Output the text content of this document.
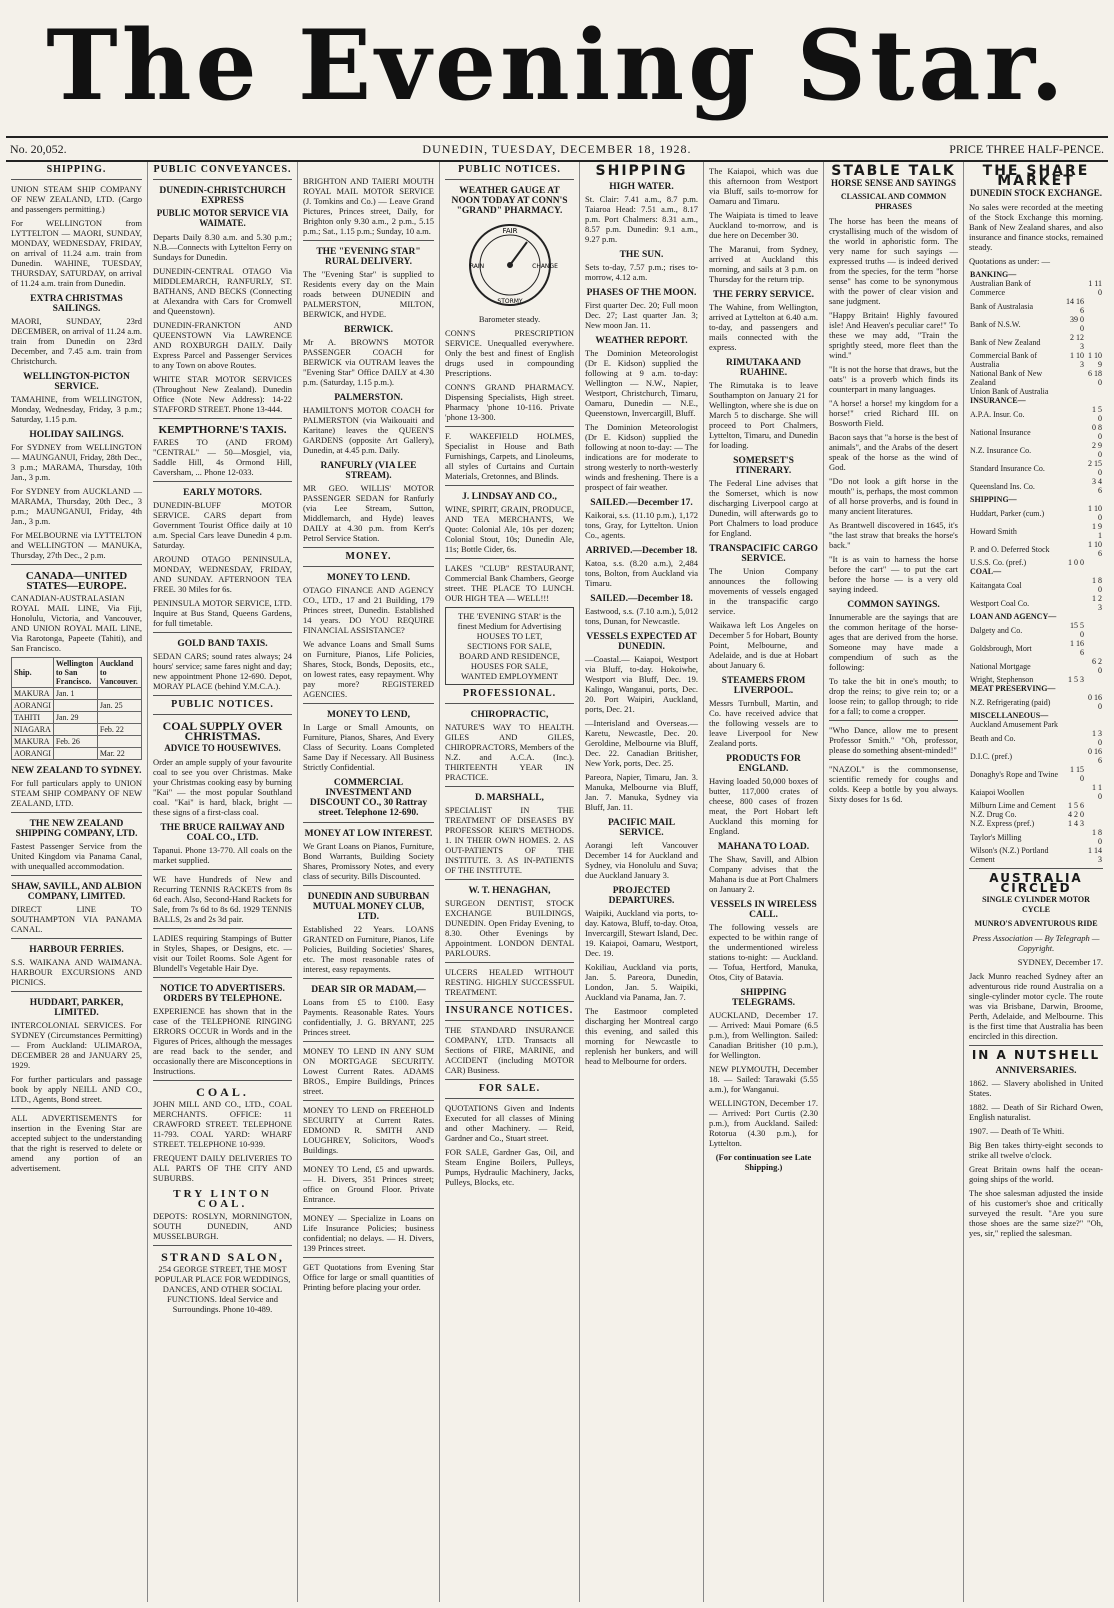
The Evening Star.
No. 20,052.	DUNEDIN, TUESDAY, DECEMBER 18, 1928.	PRICE THREE HALF-PENCE.
SHIPPING.
UNION STEAM SHIP COMPANY OF NEW ZEALAND, LTD. (Cargo and passengers permitting.)
For WELLINGTON from LYTTELTON — MAORI, SUNDAY, MONDAY, WEDNESDAY, FRIDAY, on arrival of 11.24 a.m. train from Dunedin. WAHINE, TUESDAY, THURSDAY, SATURDAY, on arrival of 11.24 a.m. train from Dunedin.
EXTRA CHRISTMAS SAILINGS.
MAORI, SUNDAY, 23rd DECEMBER, on arrival of 11.24 a.m. train from Dunedin on 23rd December, and 7.45 a.m. train from Christchurch.
WELLINGTON-PICTON SERVICE.
TAMAHINE, from WELLINGTON, Monday, Wednesday, Friday, 3 p.m.; Saturday, 1.15 p.m.
HOLIDAY SAILINGS.
For SYDNEY from WELLINGTON — MAUNGANUI, Friday, 28th Dec., 3 p.m.; MARAMA, Thursday, 10th Jan., 3 p.m.
For SYDNEY from AUCKLAND — MARAMA, Thursday, 20th Dec., 3 p.m.; MAUNGANUI, Friday, 4th Jan., 3 p.m.
For MELBOURNE via LYTTELTON and WELLINGTON — MANUKA, Thursday, 27th Dec., 2 p.m.
CANADA—UNITED STATES—EUROPE.
CANADIAN-AUSTRALASIAN ROYAL MAIL LINE, Via Fiji, Honolulu, Victoria, and Vancouver, AND UNION ROYAL MAIL LINE, Via Rarotonga, Papeete (Tahiti), and San Francisco.
Ship.	Wellington to San Francisco.	Auckland to Vancouver.
MAKURA	Jan. 1	
AORANGI		Jan. 25
TAHITI	Jan. 29	
NIAGARA		Feb. 22
MAKURA	Feb. 26	
AORANGI		Mar. 22
NEW ZEALAND TO SYDNEY.
For full particulars apply to UNION STEAM SHIP COMPANY OF NEW ZEALAND, LTD.
THE NEW ZEALAND SHIPPING COMPANY, LTD.
Fastest Passenger Service from the United Kingdom via Panama Canal, with unequalled accommodation.
SHAW, SAVILL, AND ALBION COMPANY, LIMITED.
DIRECT LINE TO SOUTHAMPTON VIA PANAMA CANAL.
HARBOUR FERRIES.
S.S. WAIKANA AND WAIMANA. HARBOUR EXCURSIONS AND PICNICS.
HUDDART, PARKER, LIMITED.
INTERCOLONIAL SERVICES. For SYDNEY (Circumstances Permitting) — From Auckland: ULIMAROA, DECEMBER 28 and JANUARY 25, 1929.
For further particulars and passage book by apply NEILL AND CO., LTD., Agents, Bond street.
ALL ADVERTISEMENTS for insertion in the Evening Star are accepted subject to the understanding that the right is reserved to delete or amend any portion of an advertisement.
PUBLIC CONVEYANCES.
DUNEDIN-CHRISTCHURCH EXPRESS
PUBLIC MOTOR SERVICE VIA WAIMATE.
Departs Daily 8.30 a.m. and 5.30 p.m.; N.B.—Connects with Lyttelton Ferry on Sundays for Dunedin.
DUNEDIN-CENTRAL OTAGO Via MIDDLEMARCH, RANFURLY, ST. BATHANS, AND BECKS (Connecting at Alexandra with Cars for Cromwell and Queenstown).
DUNEDIN-FRANKTON AND QUEENSTOWN Via LAWRENCE AND ROXBURGH DAILY. Daily Express Parcel and Passenger Services to any Town on above Routes.
WHITE STAR MOTOR SERVICES (Throughout New Zealand). Dunedin Office (Note New Address): 14-22 STAFFORD STREET. Phone 13-444.
KEMPTHORNE'S TAXIS.
FARES TO (AND FROM) "CENTRAL" — 50—Mosgiel, via, Saddle Hill, 4s Ormond Hill, Caversham, ... Phone 12-033.
EARLY MOTORS.
DUNEDIN-BLUFF MOTOR SERVICE. CARS depart from Government Tourist Office daily at 10 a.m. Special Cars leave Dunedin 4 p.m. Saturday.
AROUND OTAGO PENINSULA, MONDAY, WEDNESDAY, FRIDAY, AND SUNDAY. AFTERNOON TEA FREE. 30 Miles for 6s.
PENINSULA MOTOR SERVICE, LTD. Inquire at Bus Stand, Queens Gardens, for full timetable.
GOLD BAND TAXIS.
SEDAN CARS; sound rates always; 24 hours' service; same fares night and day; new appointment Phone 12-690. Depot, MORAY PLACE (behind Y.M.C.A.).
PUBLIC NOTICES.
COAL SUPPLY OVER CHRISTMAS.
ADVICE TO HOUSEWIVES.
Order an ample supply of your favourite coal to see you over Christmas. Make your Christmas cooking easy by burning "Kai" — the most popular Southland coal. "Kai" is hard, black, bright — these signs of a first-class coal.
THE BRUCE RAILWAY AND COAL CO., LTD.
Tapanui. Phone 13-770. All coals on the market supplied.
WE have Hundreds of New and Recurring TENNIS RACKETS from 8s 6d each. Also, Second-Hand Rackets for Sale, from 7s 6d to 8s 6d. 1929 TENNIS BALLS, 2s and 2s 3d pair.
LADIES requiring Stampings of Butter in Styles, Shapes, or Designs, etc. — visit our Toilet Rooms. Sole Agent for Blundell's Vegetable Hair Dye.
NOTICE TO ADVERTISERS. ORDERS BY TELEPHONE.
EXPERIENCE has shown that in the case of the TELEPHONE RINGING ERRORS OCCUR in Words and in the Figures of Prices, although the messages are read back to the sender, and occasionally there are Misconceptions in Instructions.
COAL.
JOHN MILL AND CO., LTD., COAL MERCHANTS. OFFICE: 11 CRAWFORD STREET. TELEPHONE 11-793. COAL YARD: WHARF STREET. TELEPHONE 10-939.
FREQUENT DAILY DELIVERIES TO ALL PARTS OF THE CITY AND SUBURBS.
TRY LINTON COAL.
DEPOTS: ROSLYN, MORNINGTON, SOUTH DUNEDIN, AND MUSSELBURGH.
STRAND SALON,
254 GEORGE STREET, THE MOST POPULAR PLACE FOR WEDDINGS, DANCES, AND OTHER SOCIAL FUNCTIONS. Ideal Service and Surroundings. Phone 10-489.
BRIGHTON AND TAIERI MOUTH ROYAL MAIL MOTOR SERVICE (J. Tomkins and Co.) — Leave Grand Pictures, Princes street, Daily, for Brighton only 9.30 a.m., 2 p.m., 5.15 p.m.; Sat., 1.15 p.m.; Sunday, 10 a.m.
THE "EVENING STAR" RURAL DELIVERY.
The "Evening Star" is supplied to Residents every day on the Main roads between DUNEDIN and PALMERSTON, MILTON, BERWICK, and HYDE.
BERWICK.
Mr A. BROWN'S MOTOR PASSENGER COACH for BERWICK via OUTRAM leaves the "Evening Star" Office DAILY at 4.30 p.m. (Saturday, 1.15 p.m.).
PALMERSTON.
HAMILTON'S MOTOR COACH for PALMERSTON (via Waikouaiti and Karitane) leaves the QUEEN'S GARDENS (opposite Art Gallery), Dunedin, at 4.45 p.m. Daily.
RANFURLY (VIA LEE STREAM).
MR GEO. WILLIS' MOTOR PASSENGER SEDAN for Ranfurly (via Lee Stream, Sutton, Middlemarch, and Hyde) leaves DAILY at 4.30 p.m. from Kerr's Petrol Service Station.
MONEY.
MONEY TO LEND.
OTAGO FINANCE AND AGENCY CO., LTD., 17 and 21 Building, 179 Princes street, Dunedin. Established 14 years. DO YOU REQUIRE FINANCIAL ASSISTANCE?
We advance Loans and Small Sums on Furniture, Pianos, Life Policies, Shares, Stock, Bonds, Deposits, etc., on lowest rates, easy repayment. Why pay more? REGISTERED AGENCIES.
MONEY TO LEND,
In Large or Small Amounts, on Furniture, Pianos, Shares, And Every Class of Security. Loans Completed Same Day if Necessary. All Business Strictly Confidential.
COMMERCIAL INVESTMENT AND DISCOUNT CO., 30 Rattray street. Telephone 12-690.
MONEY AT LOW INTEREST.
We Grant Loans on Pianos, Furniture, Bond Warrants, Building Society Shares, Promissory Notes, and every class of security. Bills Discounted.
DUNEDIN AND SUBURBAN MUTUAL MONEY CLUB, LTD.
Established 22 Years. LOANS GRANTED on Furniture, Pianos, Life Policies, Building Societies' Shares, etc. The most reasonable rates of interest, easy repayments.
DEAR SIR OR MADAM,—
Loans from £5 to £100. Easy Payments. Reasonable Rates. Yours confidentially, J. G. BRYANT, 225 Princes street.
MONEY TO LEND IN ANY SUM ON MORTGAGE SECURITY. Lowest Current Rates. ADAMS BROS., Empire Buildings, Princes street.
MONEY TO LEND on FREEHOLD SECURITY at Current Rates. EDMOND R. SMITH AND LOUGHREY, Solicitors, Wood's Buildings.
MONEY TO Lend, £5 and upwards. — H. Divers, 351 Princes street; office on Ground Floor. Private Entrance.
MONEY — Specialize in Loans on Life Insurance Policies; business confidential; no delays. — H. Divers, 139 Princes street.
GET Quotations from Evening Star Office for large or small quantities of Printing before placing your order.
PUBLIC NOTICES.
WEATHER GAUGE AT NOON TODAY AT CONN'S "GRAND" PHARMACY.
FAIR
CHANGE
RAIN
STORMY
Barometer steady.
CONN'S PRESCRIPTION SERVICE. Unequalled everywhere. Only the best and finest of English drugs used in compounding Prescriptions.
CONN'S GRAND PHARMACY. Dispensing Specialists, High street. Pharmacy 'phone 10-116. Private 'phone 13-300.
F. WAKEFIELD HOLMES, Specialist in House and Bath Furnishings, Carpets, and Linoleums, all styles of Curtains and Curtain Materials, Cretonnes, and Blinds.
J. LINDSAY AND CO.,
WINE, SPIRIT, GRAIN, PRODUCE, AND TEA MERCHANTS, We Quote: Colonial Ale, 10s per dozen; Colonial Stout, 10s; Dunedin Ale, 11s; Bottle Cider, 6s.
LAKES "CLUB" RESTAURANT, Commercial Bank Chambers, George street. THE PLACE TO LUNCH. OUR HIGH TEA — WELL!!!
THE 'EVENING STAR' is the finest Medium for Advertising
HOUSES TO LET,
SECTIONS FOR SALE,
BOARD AND RESIDENCE,
HOUSES FOR SALE,
WANTED EMPLOYMENT
PROFESSIONAL.
CHIROPRACTIC,
NATURE'S WAY TO HEALTH. GILES AND GILES, CHIROPRACTORS, Members of the N.Z. and A.C.A. (Inc.). THIRTEENTH YEAR IN PRACTICE.
D. MARSHALL,
SPECIALIST IN THE TREATMENT OF DISEASES BY PROFESSOR KEIR'S METHODS. 1. IN THEIR OWN HOMES. 2. AS OUT-PATIENTS OF THE INSTITUTE. 3. AS IN-PATIENTS OF THE INSTITUTE.
W. T. HENAGHAN,
SURGEON DENTIST, STOCK EXCHANGE BUILDINGS, DUNEDIN. Open Friday Evening, to 8.30. Other Evenings by Appointment. LONDON DENTAL PARLOURS.
ULCERS HEALED WITHOUT RESTING. HIGHLY SUCCESSFUL TREATMENT.
INSURANCE NOTICES.
THE STANDARD INSURANCE COMPANY, LTD. Transacts all Sections of FIRE, MARINE, and ACCIDENT (including MOTOR CAR) Business.
FOR SALE.
QUOTATIONS Given and Indents Executed for all classes of Mining and other Machinery. — Reid, Gardner and Co., Stuart street.
FOR SALE, Gardner Gas, Oil, and Steam Engine Boilers, Pulleys, Pumps, Hydraulic Machinery, Jacks, Pulleys, Blocks, etc.
SHIPPING
HIGH WATER.
St. Clair: 7.41 a.m., 8.7 p.m. Taiaroa Head: 7.51 a.m., 8.17 p.m. Port Chalmers: 8.31 a.m., 8.57 p.m. Dunedin: 9.1 a.m., 9.27 p.m.
THE SUN.
Sets to-day, 7.57 p.m.; rises to-morrow, 4.12 a.m.
PHASES OF THE MOON.
First quarter Dec. 20; Full moon Dec. 27; Last quarter Jan. 3; New moon Jan. 11.
WEATHER REPORT.
The Dominion Meteorologist (Dr E. Kidson) supplied the following at 9 a.m. to-day: Wellington — N.W., Napier, Westport, Christchurch, Timaru, Oamaru, Dunedin — N.E., Queenstown, Invercargill, Bluff.
The Dominion Meteorologist (Dr E. Kidson) supplied the following at noon to-day: — The indications are for moderate to strong westerly to north-westerly winds and freshening. There is a prospect of fair weather.
SAILED.—December 17.
Kaikorai, s.s. (11.10 p.m.), 1,172 tons, Gray, for Lyttelton. Union Co., agents.
ARRIVED.—December 18.
Katoa, s.s. (8.20 a.m.), 2,484 tons, Bolton, from Auckland via Timaru.
SAILED.—December 18.
Eastwood, s.s. (7.10 a.m.), 5,012 tons, Dunan, for Newcastle.
VESSELS EXPECTED AT DUNEDIN.
—Coastal.— Kaiapoi, Westport via Bluff, to-day. Hokoiwhe, Westport via Bluff, Dec. 19. Kalingo, Wanganui, ports, Dec. 20. Port Waipiri, Auckland, ports, Dec. 21.
—Interisland and Overseas.— Karetu, Newcastle, Dec. 20. Geroldine, Melbourne via Bluff, Dec. 22. Canadian Britisher, New York, ports, Dec. 25.
Pareora, Napier, Timaru, Jan. 3. Manuka, Melbourne via Bluff, Jan. 7. Manuka, Sydney via Bluff, Jan. 11.
PACIFIC MAIL SERVICE.
Aorangi left Vancouver December 14 for Auckland and Sydney, via Honolulu and Suva; due Auckland January 3.
PROJECTED DEPARTURES.
Waipiki, Auckland via ports, to-day. Katowa, Bluff, to-day. Otoa, Invercargill, Stewart Island, Dec. 19. Kaiapoi, Oamaru, Westport, Dec. 19.
Kokiliau, Auckland via ports, Jan. 5. Pareora, Dunedin, London, Jan. 5. Waipiki, Auckland via Panama, Jan. 7.
The Eastmoor completed discharging her Montreal cargo this evening, and sailed this morning for Newcastle to replenish her bunkers, and will head to Melbourne for orders.
The Kaiapoi, which was due this afternoon from Westport via Bluff, sails to-morrow for Oamaru and Timaru.
The Waipiata is timed to leave Auckland to-morrow, and is due here on December 30.
The Maranui, from Sydney, arrived at Auckland this morning, and sails at 3 p.m. on Thursday for the return trip.
THE FERRY SERVICE.
The Wahine, from Wellington, arrived at Lyttelton at 6.40 a.m. to-day, and passengers and mails connected with the express.
RIMUTAKA AND RUAHINE.
The Rimutaka is to leave Southampton on January 21 for Wellington, where she is due on March 5 to discharge. She will proceed to Port Chalmers, Lyttelton, Timaru, and Dunedin for loading.
SOMERSET'S ITINERARY.
The Federal Line advises that the Somerset, which is now discharging Liverpool cargo at Dunedin, will afterwards go to Port Chalmers to load produce for England.
TRANSPACIFIC CARGO SERVICE.
The Union Company announces the following movements of vessels engaged in the transpacific cargo service.
Waikawa left Los Angeles on December 5 for Hobart, Bounty Point, Melbourne, and Adelaide, and is due at Hobart about January 6.
STEAMERS FROM LIVERPOOL.
Messrs Turnbull, Martin, and Co. have received advice that the following vessels are to leave Liverpool for New Zealand ports.
PRODUCTS FOR ENGLAND.
Having loaded 50,000 boxes of butter, 117,000 crates of cheese, 800 cases of frozen meat, the Port Hobart left Auckland this morning for England.
MAHANA TO LOAD.
The Shaw, Savill, and Albion Company advises that the Mahana is due at Port Chalmers on January 2.
VESSELS IN WIRELESS CALL.
The following vessels are expected to be within range of the undermentioned wireless stations to-night: — Auckland. — Tofua, Hertford, Manuka, Otos, City of Batavia.
SHIPPING TELEGRAMS.
AUCKLAND, December 17. — Arrived: Maui Pomare (6.5 p.m.), from Wellington. Sailed: Canadian Britisher (10 p.m.), for Wellington.
NEW PLYMOUTH, December 18. — Sailed: Tarawaki (5.55 a.m.), for Wanganui.
WELLINGTON, December 17. — Arrived: Port Curtis (2.30 p.m.), from Auckland. Sailed: Rotorua (4.30 p.m.), for Lyttelton.
(For continuation see Late Shipping.)
STABLE TALK
HORSE SENSE AND SAYINGS
CLASSICAL AND COMMON PHRASES
The horse has been the means of crystallising much of the wisdom of the world in aphoristic form. The very name for such sayings — expressed truths — is indeed derived from the species, for the term "horse sense" has come to be synonymous with the power of clear vision and sane judgment.
"Happy Britain! Highly favoured isle! And Heaven's peculiar care!" To these we may add, "Train the sprightly steed, more fleet than the wind."
"It is not the horse that draws, but the oats" is a proverb which finds its counterpart in many languages.
"A horse! a horse! my kingdom for a horse!" cried Richard III. on Bosworth Field.
Bacon says that "a horse is the best of animals", and the Arabs of the desert speak of the horse as the wind of God.
"Do not look a gift horse in the mouth" is, perhaps, the most common of all horse proverbs, and is found in many ancient literatures.
As Brantwell discovered in 1645, it's "the last straw that breaks the horse's back."
"It is as vain to harness the horse before the cart" — to put the cart before the horse — is a very old saying indeed.
COMMON SAYINGS.
Innumerable are the sayings that are the common heritage of the horse-ages that are derived from the horse. Someone may have made a compendium of such as the following:
To take the bit in one's mouth; to drop the reins; to give rein to; or a loose rein; to gallop through; to ride for a fall; to come a cropper.
"Who Dance, allow me to present Professor Smith." "Oh, professor, please do something absent-minded!"
"NAZOL" is the commonsense, scientific remedy for coughs and colds. Keep a bottle by you always. Sixty doses for 1s 6d.
THE SHARE MARKET
DUNEDIN STOCK EXCHANGE.
No sales were recorded at the meeting of the Stock Exchange this morning. Bank of New Zealand shares, and also insurance and finance stocks, remained steady.
Quotations as under: —
BANKING—		
Australian Bank of Commerce		1 11 0
Bank of Australasia	14 16 6	
Bank of N.S.W.	39 0 0	
Bank of New Zealand	2 12 3	
Commercial Bank of Australia	1 10 3	1 10 9
National Bank of New Zealand		6 18 0
Union Bank of Australia		
INSURANCE—		
A.P.A. Insur. Co.		1 5 0
National Insurance		0 8 0
N.Z. Insurance Co.		2 9 0
Standard Insurance Co.		2 15 0
Queensland Ins. Co.		3 4 6
SHIPPING—		
Huddart, Parker (cum.)		1 10 0
Howard Smith		1 9 1
P. and O. Deferred Stock		1 10 6
U.S.S. Co. (pref.)	1 0 0	
COAL—		
Kaitangata Coal		1 8 0
Westport Coal Co.		1 2 3
LOAN AND AGENCY—		
Dalgety and Co.	15 5 0	
Goldsbrough, Mort	1 16 6	
National Mortgage		6 2 0
Wright, Stephenson	1 5 3	
MEAT PRESERVING—		
N.Z. Refrigerating (paid)		0 16 0
MISCELLANEOUS—		
Auckland Amusement Park		
Beath and Co.		1 3 0
D.I.C. (pref.)		0 16 6
Donaghy's Rope and Twine	1 15 0	
Kaiapoi Woollen		1 1 0
Milburn Lime and Cement	1 5 6	
N.Z. Drug Co.	4 2 0	
N.Z. Express (pref.)	1 4 3	
Taylor's Milling		1 8 0
Wilson's (N.Z.) Portland Cement		1 14 3
AUSTRALIA CIRCLED
SINGLE CYLINDER MOTOR CYCLE
MUNRO'S ADVENTUROUS RIDE
Press Association — By Telegraph — Copyright.
SYDNEY, December 17.
Jack Munro reached Sydney after an adventurous ride round Australia on a single-cylinder motor cycle. The route was via Brisbane, Darwin, Broome, Perth, Adelaide, and Melbourne. This is the first time that Australia has been encircled in this direction.
IN A NUTSHELL
ANNIVERSARIES.
1862. — Slavery abolished in United States.
1882. — Death of Sir Richard Owen, English naturalist.
1907. — Death of Te Whiti.
Big Ben takes thirty-eight seconds to strike all twelve o'clock.
Great Britain owns half the ocean-going ships of the world.
The shoe salesman adjusted the inside of his customer's shoe and critically surveyed the result. "Are you sure those shoes are the same size?" "Oh, yes, sir," replied the salesman.
